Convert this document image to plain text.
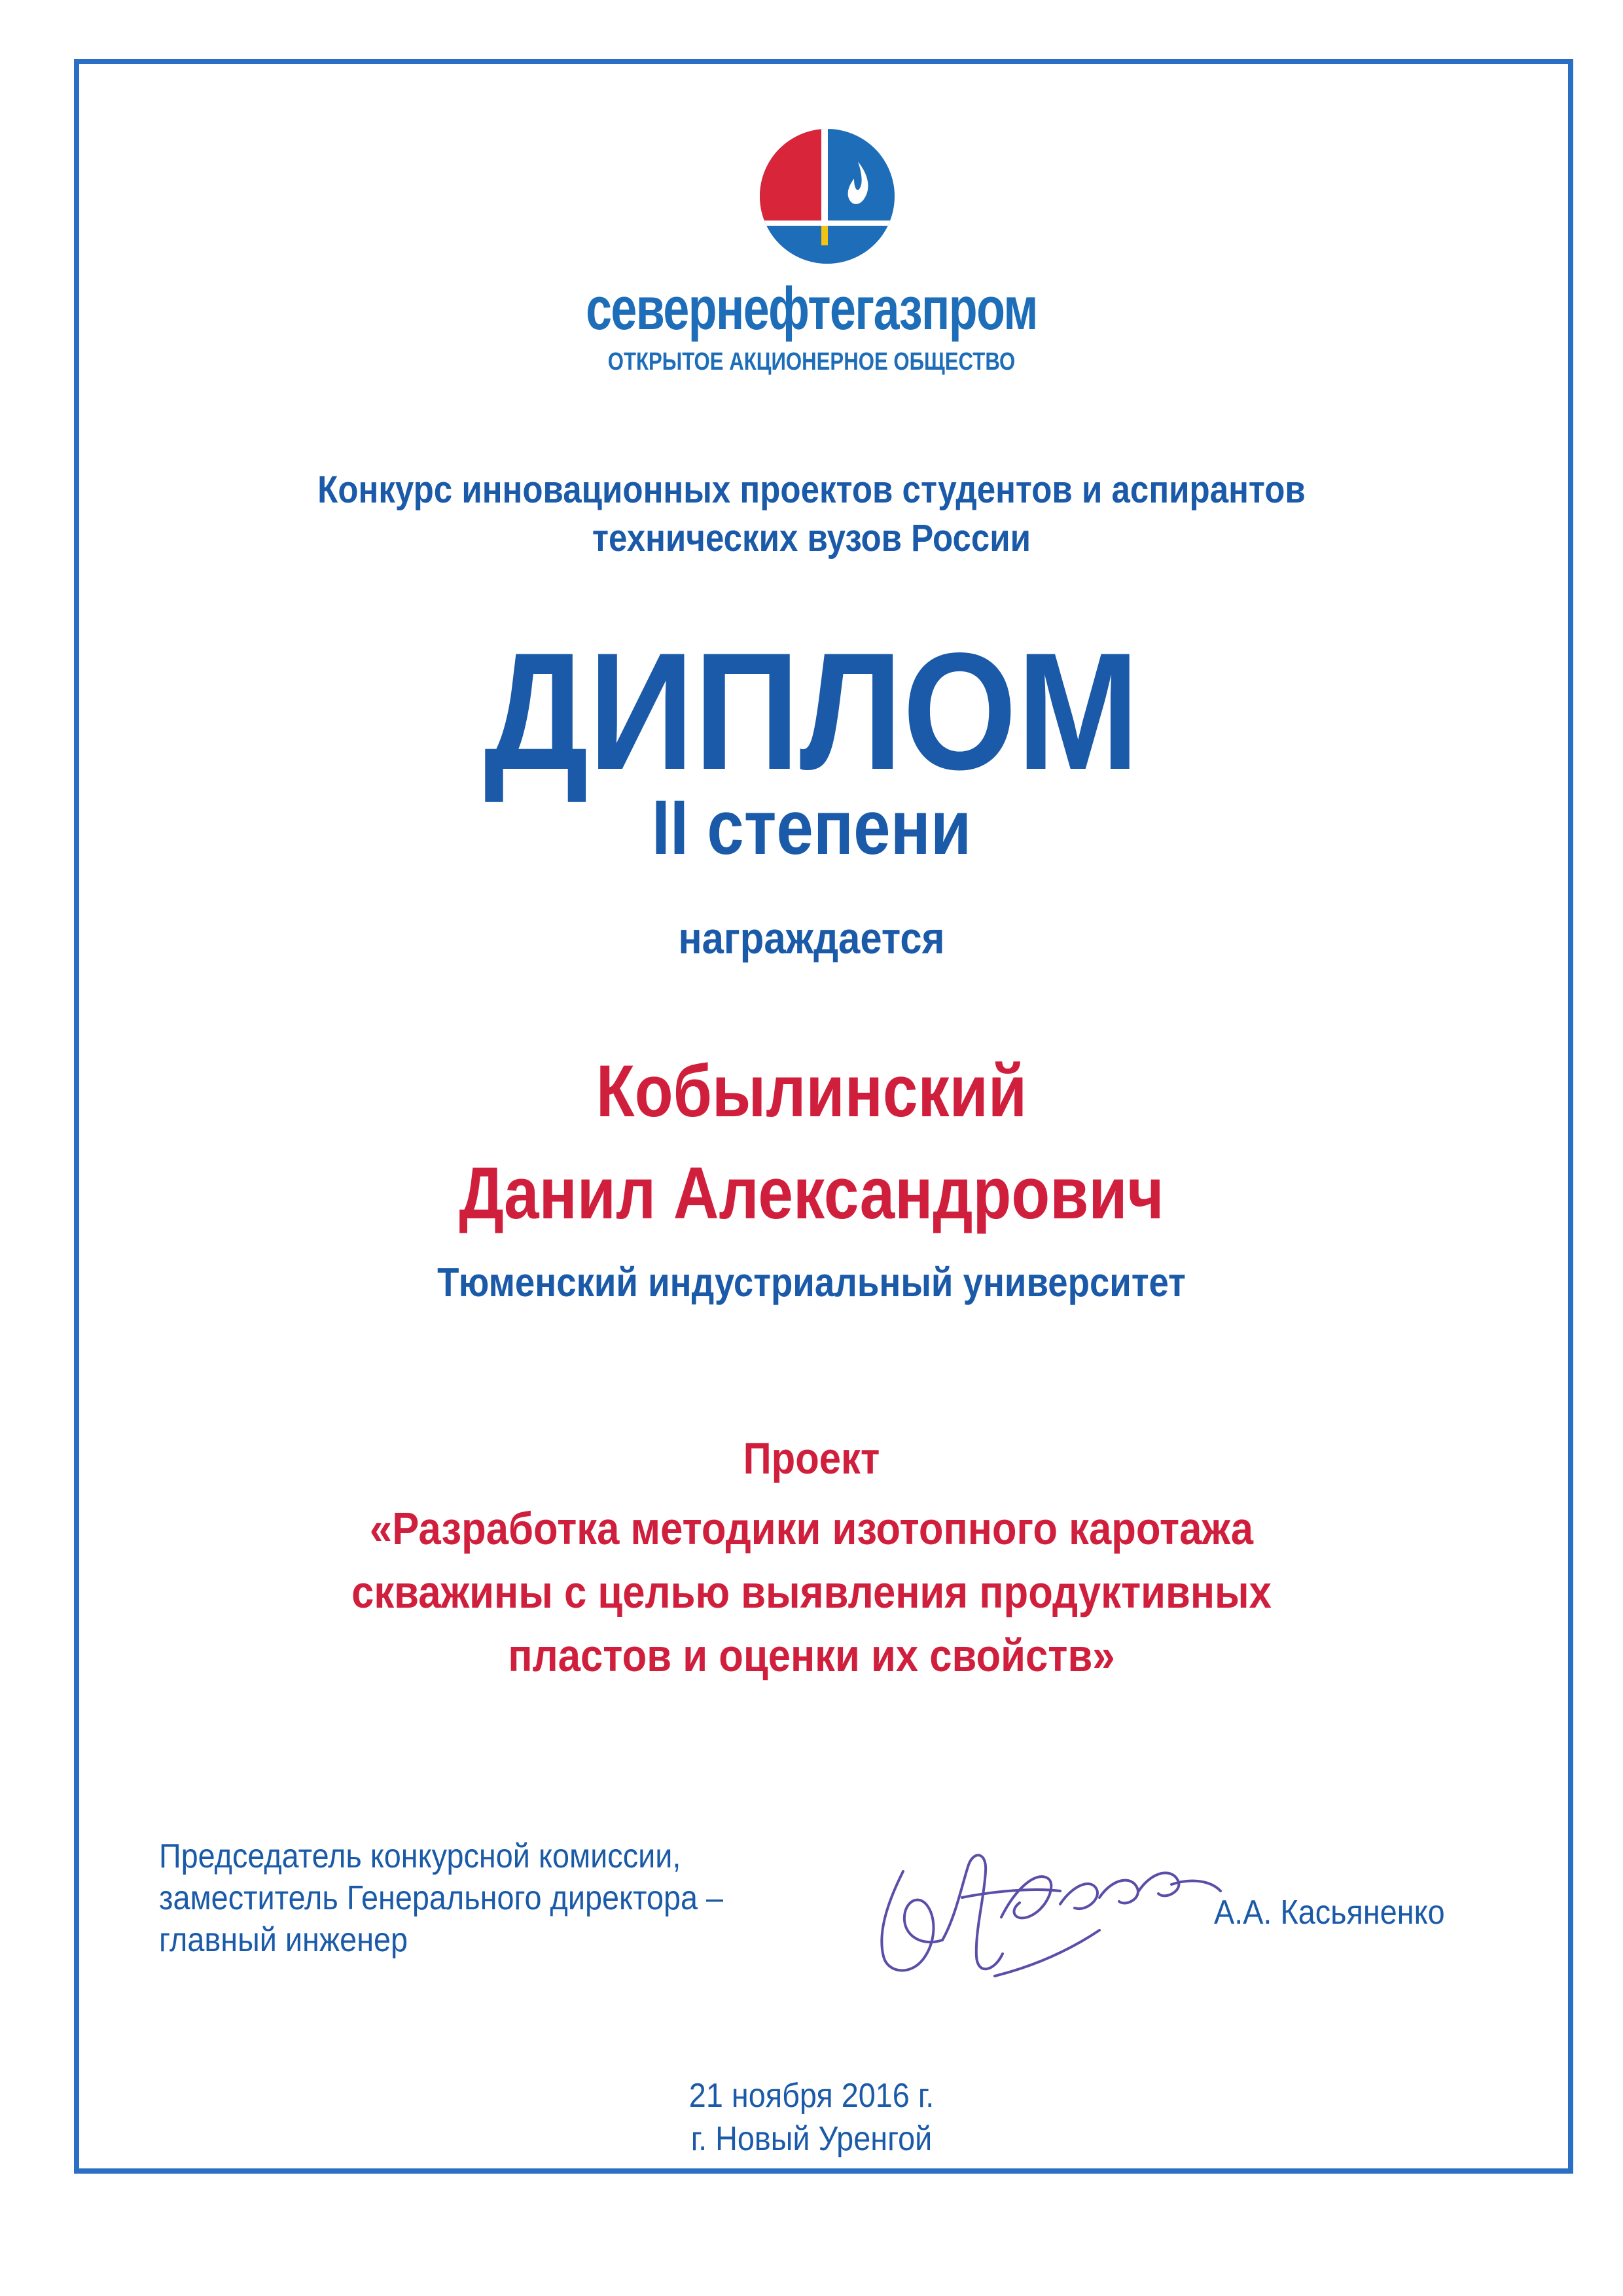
севернефтегазпром
ОТКРЫТОЕ АКЦИОНЕРНОЕ ОБЩЕСТВО
Конкурс инновационных проектов студентов и аспирантов
технических вузов России
ДИПЛОМ
II степени
награждается
Кобылинский
Данил Александрович
Тюменский индустриальный университет
Проект
«Разработка методики изотопного каротажа
скважины с целью выявления продуктивных
пластов и оценки их свойств»
Председатель конкурсной комиссии,
заместитель Генерального директора –
главный инженер
А.А. Касьяненко
21 ноября 2016 г.
г. Новый Уренгой
